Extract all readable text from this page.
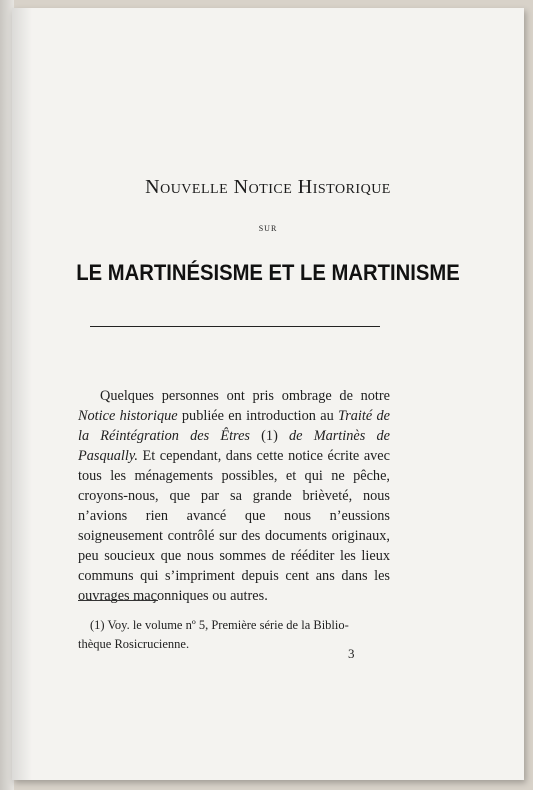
Nouvelle Notice Historique
sur
LE MARTINÉSISME ET LE MARTINISME

Quelques personnes ont pris ombrage de notre Notice historique publiée en introduction au Traité de la Réintégration des Êtres (1) de Martinès de Pasqually. Et cependant, dans cette notice écrite avec tous les ménagements possibles, et qui ne pêche, croyons-nous, que par sa grande brièveté, nous n’avions rien avancé que nous n’eussions soigneusement contrôlé sur des documents originaux, peu soucieux que nous sommes de rééditer les lieux communs qui s’impriment depuis cent ans dans les ouvrages maçonniques ou autres.

(1) Voy. le volume nº 5, Première série de la Biblio-
thèque Rosicrucienne.
3
